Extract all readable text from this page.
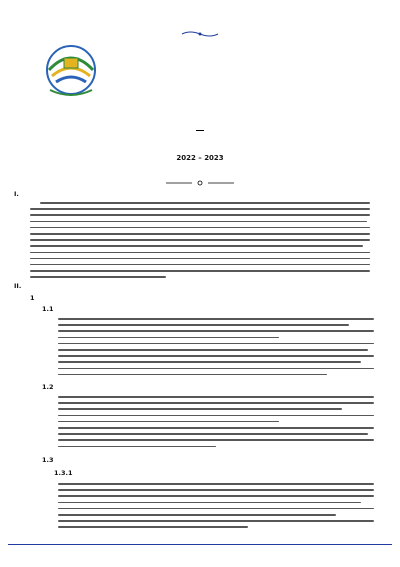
2022 – 2023
I.
II.
1
1.1
1.2
1.3
1.3.1
